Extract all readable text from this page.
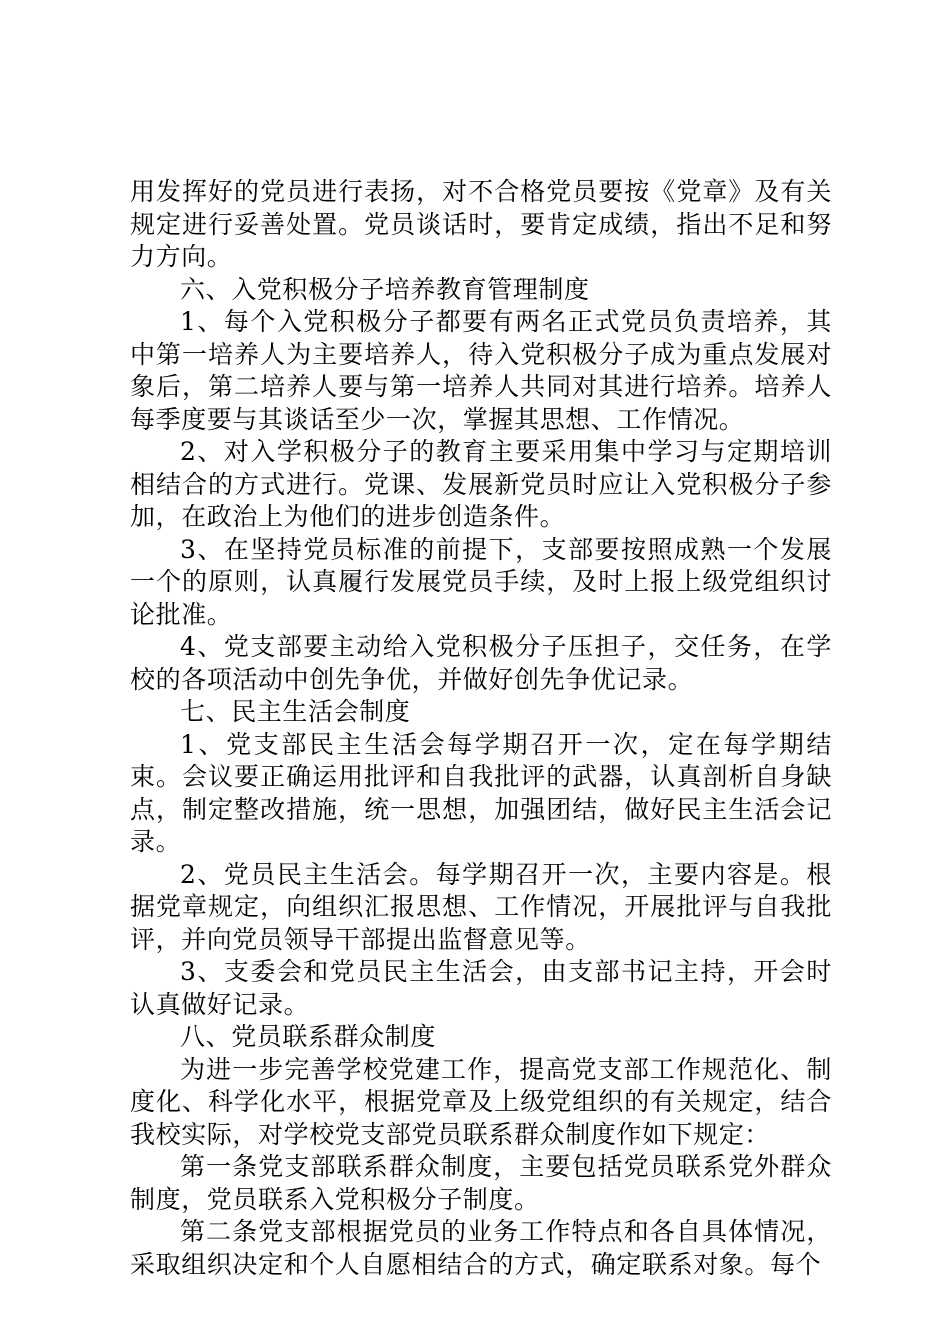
用发挥好的党员进行表扬，对不合格党员要按《党章》及有关规定进行妥善处置。党员谈话时，要肯定成绩，指出不足和努力方向。

六、入党积极分子培养教育管理制度

1、每个入党积极分子都要有两名正式党员负责培养，其中第一培养人为主要培养人，待入党积极分子成为重点发展对象后，第二培养人要与第一培养人共同对其进行培养。培养人每季度要与其谈话至少一次，掌握其思想、工作情况。

2、对入学积极分子的教育主要采用集中学习与定期培训相结合的方式进行。党课、发展新党员时应让入党积极分子参加，在政治上为他们的进步创造条件。

3、在坚持党员标准的前提下，支部要按照成熟一个发展一个的原则，认真履行发展党员手续，及时上报上级党组织讨论批准。

4、党支部要主动给入党积极分子压担子，交任务，在学校的各项活动中创先争优，并做好创先争优记录。

七、民主生活会制度

1、党支部民主生活会每学期召开一次，定在每学期结束。会议要正确运用批评和自我批评的武器，认真剖析自身缺点，制定整改措施，统一思想，加强团结，做好民主生活会记录。

2、党员民主生活会。每学期召开一次，主要内容是。根据党章规定，向组织汇报思想、工作情况，开展批评与自我批评，并向党员领导干部提出监督意见等。

3、支委会和党员民主生活会，由支部书记主持，开会时认真做好记录。

八、党员联系群众制度

为进一步完善学校党建工作，提高党支部工作规范化、制度化、科学化水平，根据党章及上级党组织的有关规定，结合我校实际，对学校党支部党员联系群众制度作如下规定：

第一条党支部联系群众制度，主要包括党员联系党外群众制度，党员联系入党积极分子制度。

第二条党支部根据党员的业务工作特点和各自具体情况，采取组织决定和个人自愿相结合的方式，确定联系对象。每个
